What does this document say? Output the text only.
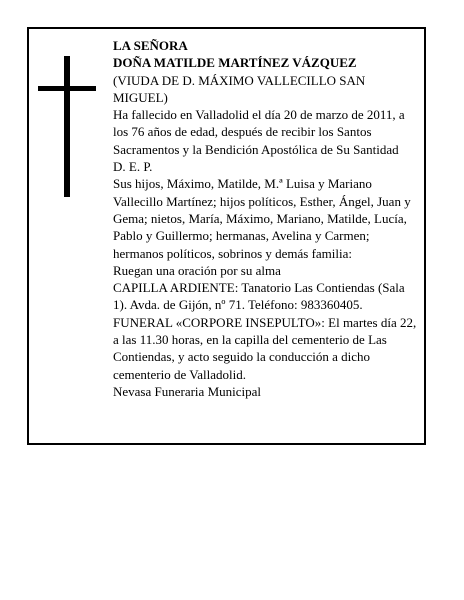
LA SEÑORA

DOÑA MATILDE MARTÍNEZ VÁZQUEZ

(VIUDA DE D. MÁXIMO VALLECILLO SAN MIGUEL)

Ha fallecido en Valladolid el día 20 de marzo de 2011, a los 76 años de edad, después de recibir los Santos Sacramentos y la Bendición Apostólica de Su Santidad

D. E. P.

Sus hijos, Máximo, Matilde, M.ª Luisa y Mariano Vallecillo Martínez; hijos políticos, Esther, Ángel, Juan y Gema; nietos, María, Máximo, Mariano, Matilde, Lucía, Pablo y Guillermo; hermanas, Avelina y Carmen; hermanos políticos, sobrinos y demás familia:

Ruegan una oración por su alma

CAPILLA ARDIENTE: Tanatorio Las Contiendas (Sala 1). Avda. de Gijón, nº 71. Teléfono: 983360405.

FUNERAL «CORPORE INSEPULTO»: El martes día 22, a las 11.30 horas, en la capilla del cementerio de Las Contiendas, y acto seguido la conducción a dicho cementerio de Valladolid.

Nevasa Funeraria Municipal
